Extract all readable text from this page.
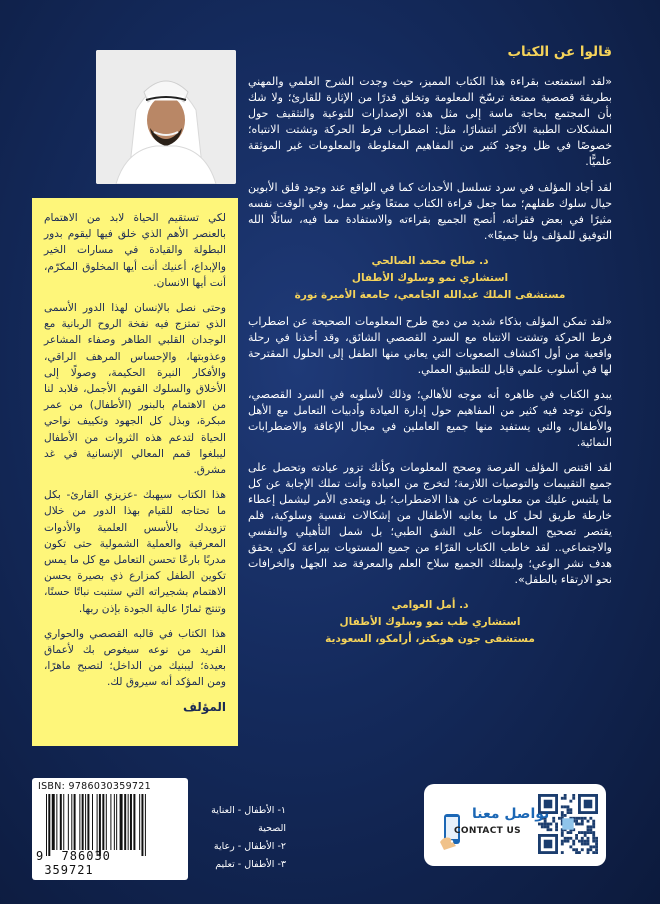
قالوا عن الكتاب

«لقد استمتعت بقراءة هذا الكتاب المميز، حيث وجدت الشرح العلمي والمهني بطريقة قصصية ممتعة ترسّخ المعلومة وتخلق قدرًا من الإثارة للقارئ؛ ولا شك بأن المجتمع بحاجة ماسة إلى مثل هذه الإصدارات للتوعية والتثقيف حول المشكلات الطبية الأكثر انتشارًا، مثل: اضطراب فرط الحركة وتشتت الانتباه؛ خصوصًا في ظل وجود كثير من المفاهيم المغلوطة والمعلومات غير الموثقة علميًّا.

لقد أجاد المؤلف في سرد تسلسل الأحداث كما في الواقع عند وجود قلق الأبوين حيال سلوك طفلهم؛ مما جعل قراءة الكتاب ممتعًا وغير ممل، وفي الوقت نفسه مثيرًا في بعض فقراته، أنصح الجميع بقراءته والاستفادة مما فيه، سائلًا الله التوفيق للمؤلف ولنا جميعًا».

د. صالح محمد الصالحي
استشاري نمو وسلوك الأطفال
مستشفى الملك عبدالله الجامعي، جامعة الأميرة نورة

«لقد تمكن المؤلف بذكاء شديد من دمج طرح المعلومات الصحيحة عن اضطراب فرط الحركة وتشتت الانتباه مع السرد القصصي الشائق، وقد أخذنا في رحلة واقعية من أول اكتشاف الصعوبات التي يعاني منها الطفل إلى الحلول المقترحة لها في أسلوب علمي قابل للتطبيق العملي.

يبدو الكتاب في ظاهره أنه موجه للأهالي؛ وذلك لأسلوبه في السرد القصصي، ولكن توجد فيه كثير من المفاهيم حول إدارة العيادة وأدبيات التعامل مع الأهل والأطفال، والتي يستفيد منها جميع العاملين في مجال الإعاقة والاضطرابات النمائية.

لقد اقتنص المؤلف الفرصة وصحح المعلومات وكأنك تزور عيادته وتحصل على جميع التقييمات والتوصيات اللازمة؛ لتخرج من العيادة وأنت تملك الإجابة عن كل ما يلتبس عليك من معلومات عن هذا الاضطراب؛ بل ويتعدى الأمر ليشمل إعطاء خارطة طريق لحل كل ما يعانيه الأطفال من إشكالات نفسية وسلوكية، فلم يقتصر تصحيح المعلومات على الشق الطبي؛ بل شمل التأهيلي والنفسي والاجتماعي.. لقد خاطب الكتاب القرّاء من جميع المستويات ببراعة لكي يحقق هدف نشر الوعي؛ وليمتلك الجميع سلاح العلم والمعرفة ضد الجهل والخرافات نحو الارتقاء بالطفل».

د. أمل العوامي
استشاري طب نمو وسلوك الأطفال
مستشفى جون هوبكنز، أرامكو، السعودية

لكي تستقيم الحياة لابد من الاهتمام بالعنصر الأهم الذي خلق فيها ليقوم بدور البطولة والقيادة في مسارات الخير والإبداع، أعنيك أنت أيها المخلوق المكرّم، أنت أيها الانسان.

وحتى نصل بالإنسان لهذا الدور الأسمى الذي تمتزج فيه نفخة الروح الربانية مع الوجدان القلبي الطاهر وصفاء المشاعر وعذوبتها، والإحساس المرهف الراقي، والأفكار النيرة الحكيمة، وصولًا إلى الأخلاق والسلوك القويم الأجمل، فلابد لنا من الاهتمام بالبنور (الأطفال) من عمر مبكرة، وبذل كل الجهود وتكييف نواحي الحياة لتدعم هذه الثروات من الأطفال ليبلغوا قمم المعالي الإنسانية في غد مشرق.

هذا الكتاب سيهبك -عزيزي القارئ- بكل ما تحتاجه للقيام بهذا الدور من خلال تزويدك بالأسس العلمية والأدوات المعرفية والعملية الشمولية حتى تكون مدربًا بارعًا تحسن التعامل مع كل ما يمس تكوين الطفل كمزارع ذي بصيرة يحسن الاهتمام بشجيراته التي ستنبت نباتًا حسنًا، وتنتج ثمارًا عالية الجودة بإذن ربها.

هذا الكتاب في قالبه القصصي والحواري الفريد من نوعه سيغوص بك لأعماق بعيدة؛ ليبنيك من الداخل؛ لتصبح ماهرًا، ومن المؤكد أنه سيروق لك.

المؤلف
ISBN: 9786030359721
9 786030 359721
١- الأطفال - العناية الصحية
٢- الأطفال - رعاية
٣- الأطفال - تعليم
تواصل معنا
CONTACT US
